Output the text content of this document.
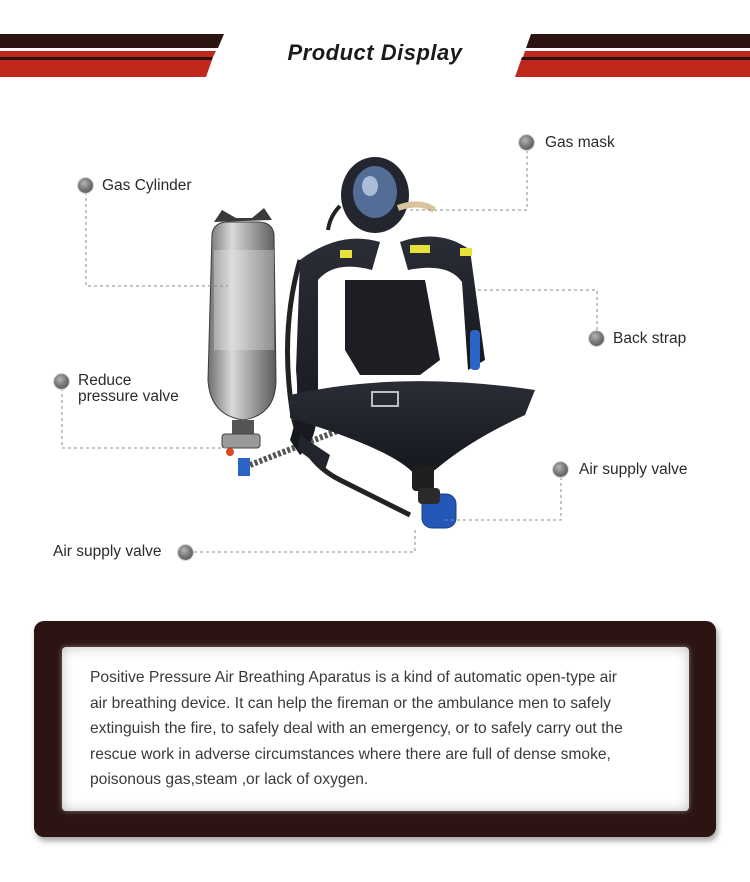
Product Display
Gas mask
Gas Cylinder
Back strap
Reduce
pressure valve
Air supply valve
Air supply valve
Positive Pressure Air Breathing Aparatus is a kind of automatic open-type air
air breathing device. It can help the fireman or the ambulance men to safely
extinguish the fire, to safely deal with an emergency, or to safely carry out the
rescue work in adverse circumstances where there are full of dense smoke,
poisonous gas,steam ,or lack of oxygen.
